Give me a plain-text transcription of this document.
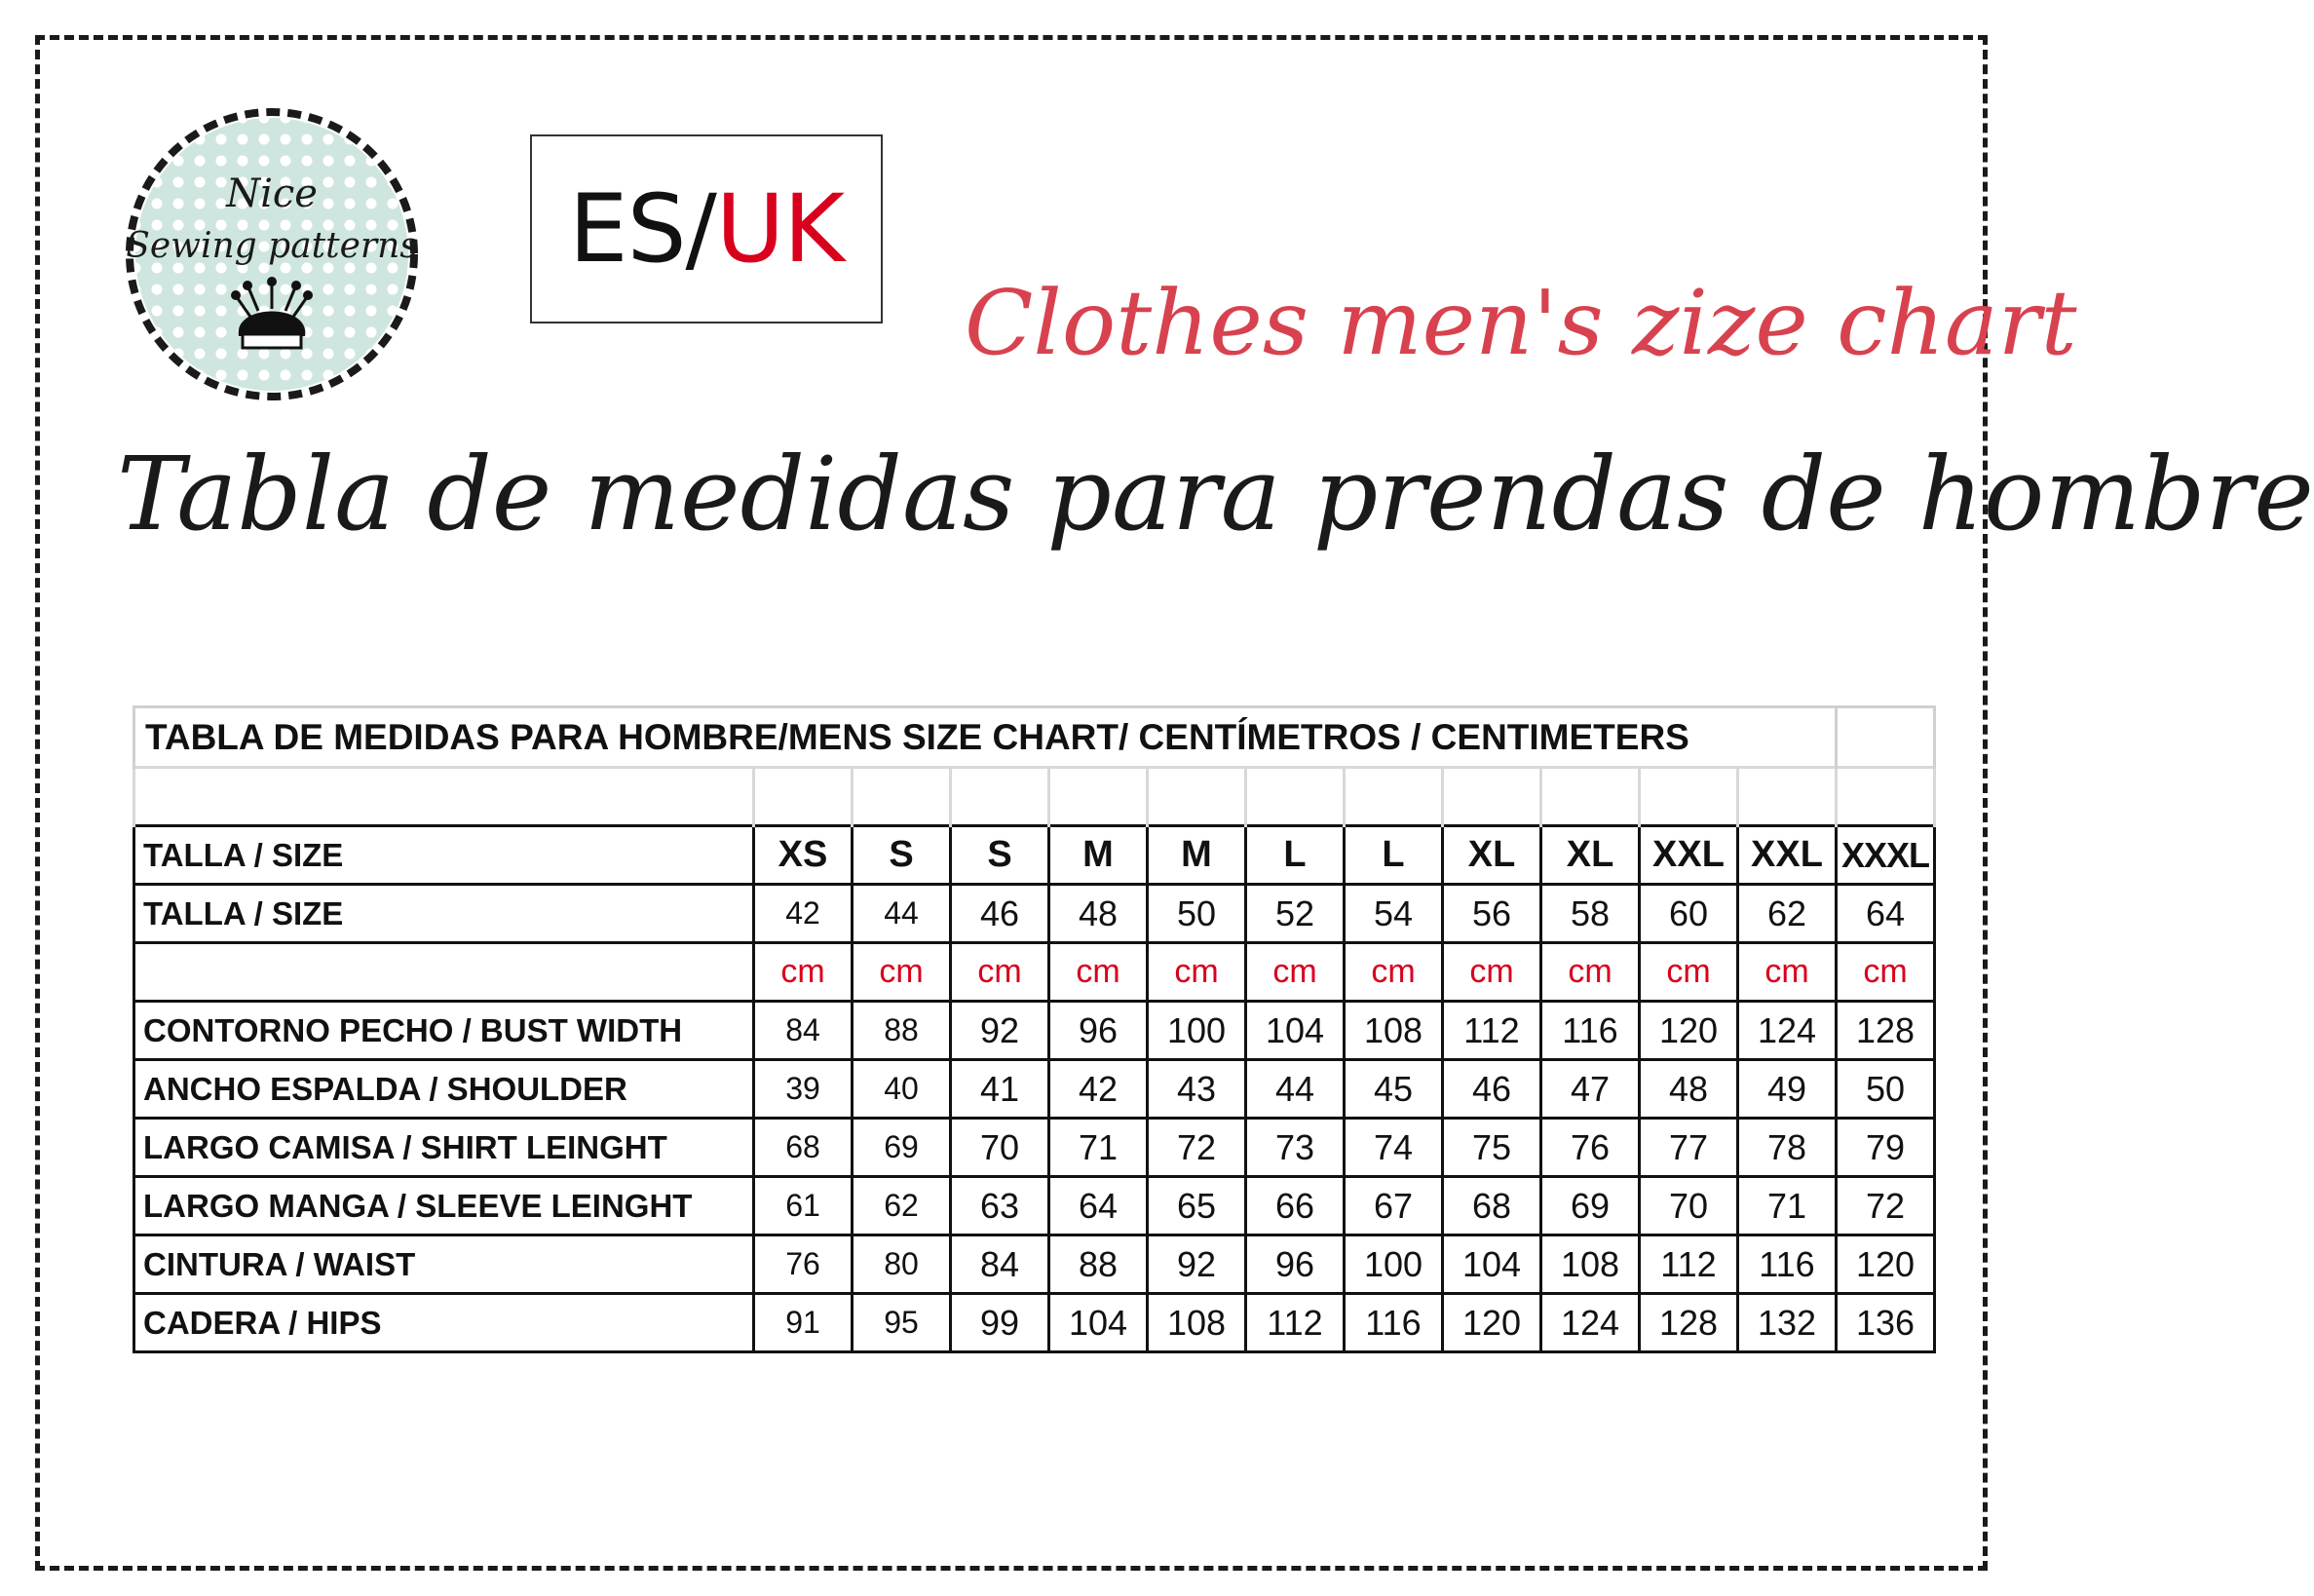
Nice
Sewing patterns ES / UK
Clothes men's zize chart
Tabla de medidas para prendas de hombre
TABLA DE MEDIDAS PARA HOMBRE/MENS SIZE CHART/ CENTÍMETROS / CENTIMETERS												

TALLA / SIZE	XS	S	S	M	M	L	L	XL	XL	XXL	XXL	XXXL
TALLA / SIZE	42	44	46	48	50	52	54	56	58	60	62	64
	cm	cm	cm	cm	cm	cm	cm	cm	cm	cm	cm	cm
CONTORNO PECHO / BUST WIDTH	84	88	92	96	100	104	108	112	116	120	124	128
ANCHO ESPALDA / SHOULDER	39	40	41	42	43	44	45	46	47	48	49	50
LARGO CAMISA / SHIRT LEINGHT	68	69	70	71	72	73	74	75	76	77	78	79
LARGO MANGA / SLEEVE LEINGHT	61	62	63	64	65	66	67	68	69	70	71	72
CINTURA / WAIST	76	80	84	88	92	96	100	104	108	112	116	120
CADERA / HIPS	91	95	99	104	108	112	116	120	124	128	132	136
